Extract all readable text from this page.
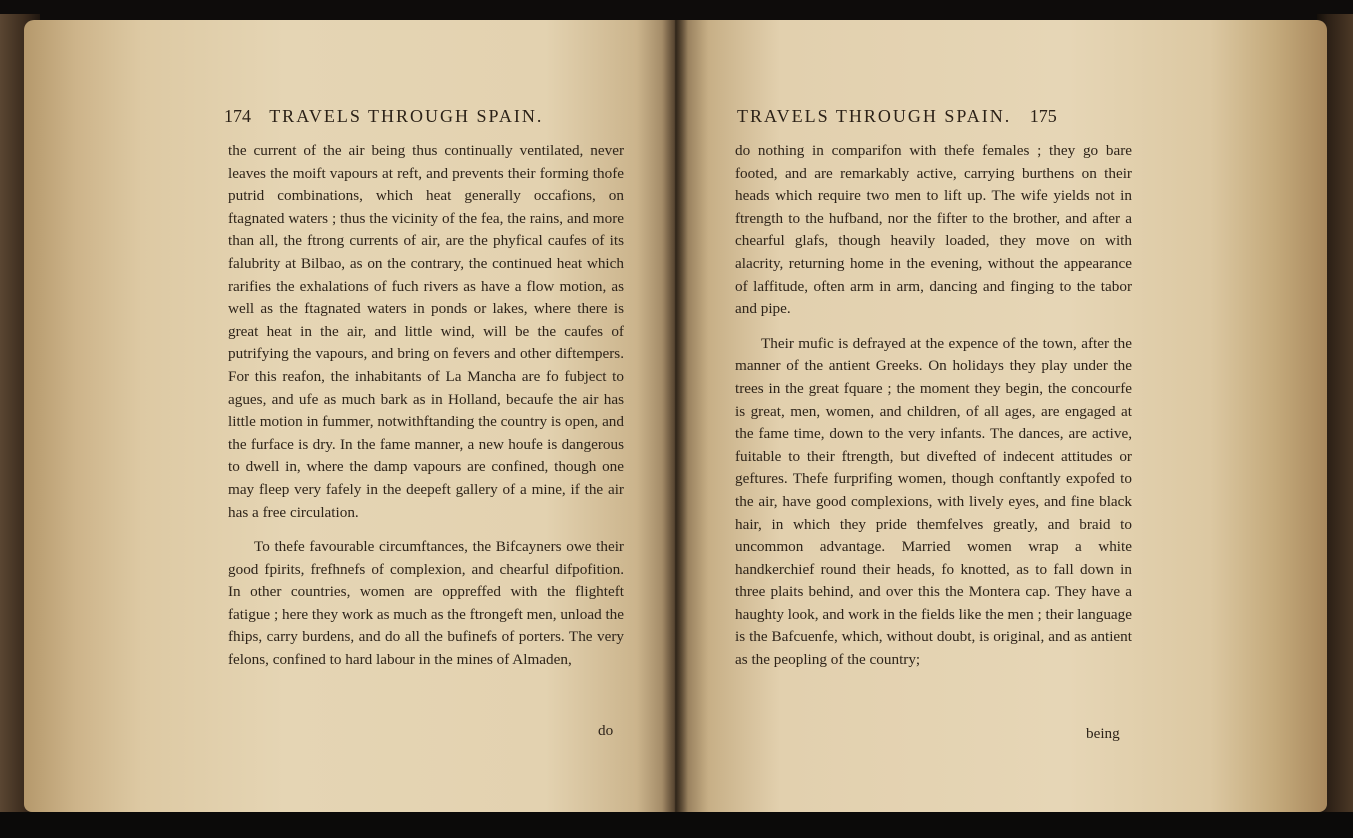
174 TRAVELS THROUGH SPAIN.	TRAVELS THROUGH SPAIN. 175

the current of the air being thus continually ventilated, never leaves the moift vapours at reft, and prevents their forming thofe putrid combinations, which heat generally occafions, on ftagnated waters ; thus the vicinity of the fea, the rains, and more than all, the ftrong currents of air, are the phyfical caufes of its falubrity at Bilbao, as on the contrary, the continued heat which rarifies the exhalations of fuch rivers as have a flow motion, as well as the ftagnated waters in ponds or lakes, where there is great heat in the air, and little wind, will be the caufes of putrifying the vapours, and bring on fevers and other diftempers. For this reafon, the inhabitants of La Mancha are fo fubject to agues, and ufe as much bark as in Holland, becaufe the air has little motion in fummer, notwithftanding the country is open, and the furface is dry. In the fame manner, a new houfe is dangerous to dwell in, where the damp vapours are confined, though one may fleep very fafely in the deepeft gallery of a mine, if the air has a free circulation.

To thefe favourable circumftances, the Bifcayners owe their good fpirits, frefhnefs of complexion, and chearful difpofition. In other countries, women are oppreffed with the flighteft fatigue ; here they work as much as the ftrongeft men, unload the fhips, carry burdens, and do all the bufinefs of porters. The very felons, confined to hard labour in the mines of Almaden,

do

do nothing in comparifon with thefe females ; they go bare footed, and are remarkably active, carrying burthens on their heads which require two men to lift up. The wife yields not in ftrength to the hufband, nor the fifter to the brother, and after a chearful glafs, though heavily loaded, they move on with alacrity, returning home in the evening, without the appearance of laffitude, often arm in arm, dancing and finging to the tabor and pipe.

Their mufic is defrayed at the expence of the town, after the manner of the antient Greeks. On holidays they play under the trees in the great fquare ; the moment they begin, the concourfe is great, men, women, and children, of all ages, are engaged at the fame time, down to the very infants. The dances, are active, fuitable to their ftrength, but divefted of indecent attitudes or geftures. Thefe furprifing women, though conftantly expofed to the air, have good complexions, with lively eyes, and fine black hair, in which they pride themfelves greatly, and braid to uncommon advantage. Married women wrap a white handkerchief round their heads, fo knotted, as to fall down in three plaits behind, and over this the Montera cap. They have a haughty look, and work in the fields like the men ; their language is the Bafcuenfe, which, without doubt, is original, and as antient as the peopling of the country;

being
